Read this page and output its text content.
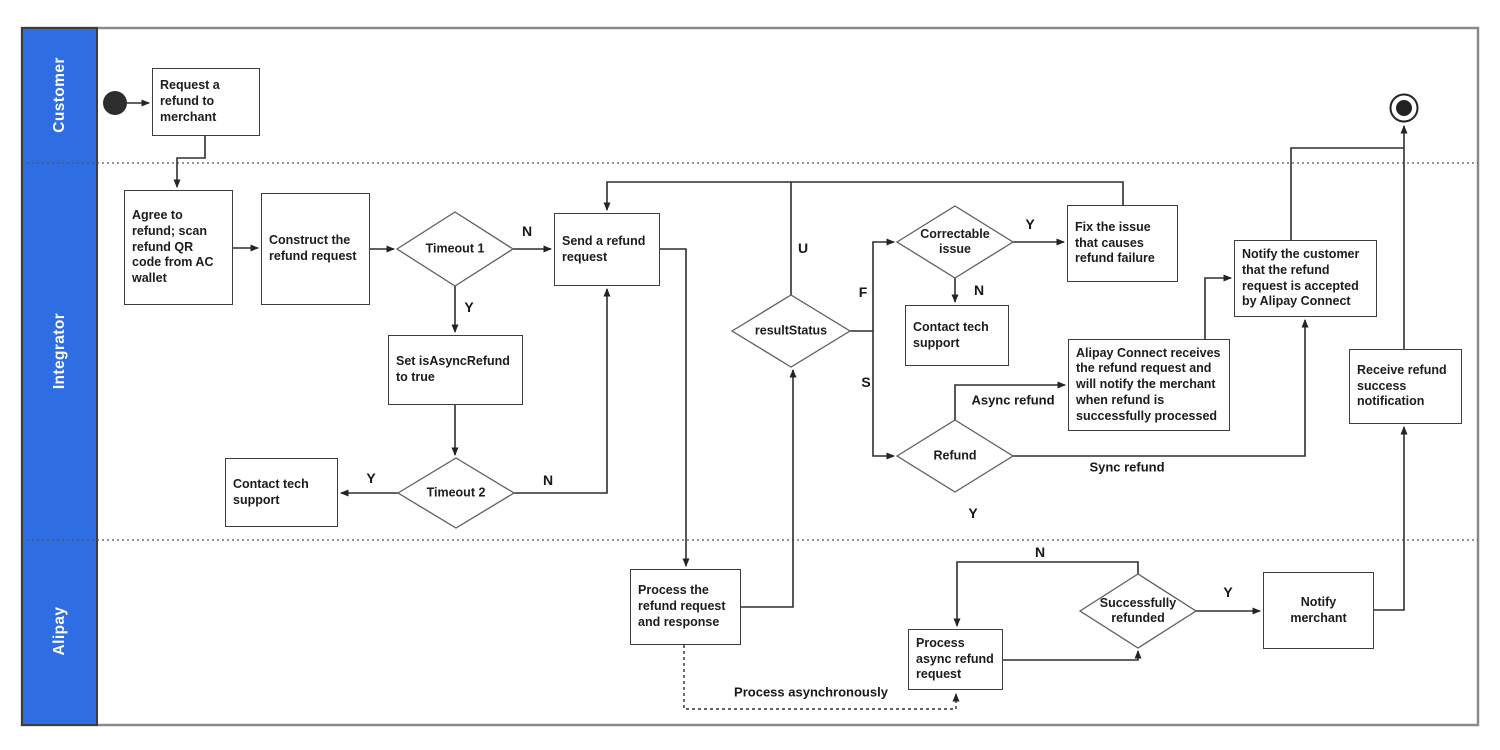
Customer
Integrator
Alipay
Request a refund to merchant
Agree to refund; scan refund QR code from AC wallet
Construct the refund request
Send a refund request
Set isAsyncRefund to true
Contact tech support
Fix the issue that causes refund failure
Contact tech support
Alipay Connect receives the refund request and will notify the merchant when refund is successfully processed
Notify the customer that the refund request is accepted by Alipay Connect
Receive refund success notification
Process the refund request and response
Process async refund request
Notify merchant
Timeout 1
Timeout 2
resultStatus
Correctable issue
Refund
Successfully refunded
N
Y
Y	N
U
F
S
Y
N
Async refund
Sync refund
Y
N
Y
Process asynchronously
